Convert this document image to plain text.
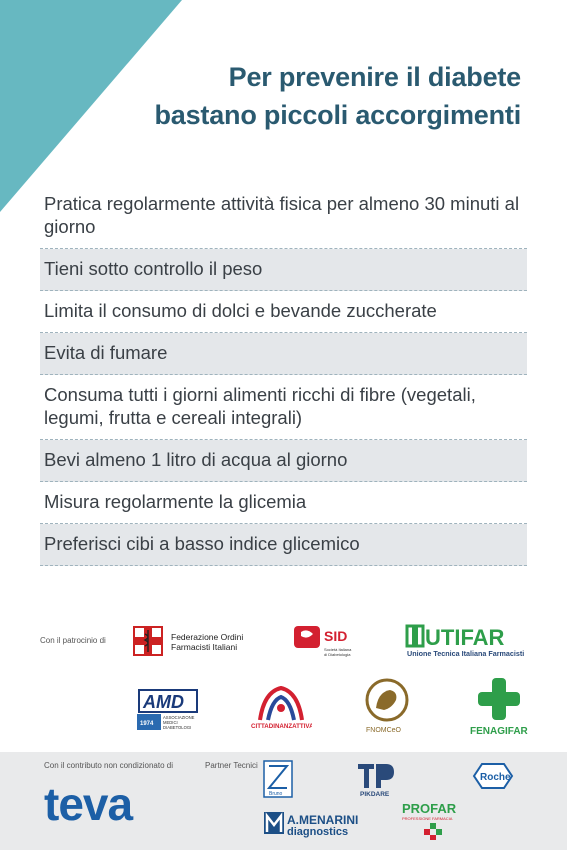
Per prevenire il diabete
bastano piccoli accorgimenti
Pratica regolarmente attività fisica per almeno 30 minuti al giorno
Tieni sotto controllo il peso
Limita il consumo di dolci e bevande zuccherate
Evita di fumare
Consuma tutti i giorni alimenti ricchi di fibre (vegetali, legumi, frutta e cereali integrali)
Bevi almeno 1 litro di acqua al giorno
Misura regolarmente la glicemia
Preferisci cibi a basso indice glicemico
Con il patrocinio di	Federazione Ordini
Farmacisti Italiani
SID
Società Italiana
di Diabetologia
UTIFAR
Unione Tecnica Italiana Farmacisti
AMD
1974
ASSOCIAZIONE
MEDICI
DIABETOLOGI	CITTADINANZATTIVA
FNOMCeO	FENAGIFAR
Con il contributo non condizionato di	Partner Tecnici
teva	Bruno	PIKDARE
Roche
A.MENARINI
diagnostics
PROFAR
PROFESSIONE FARMACIA
